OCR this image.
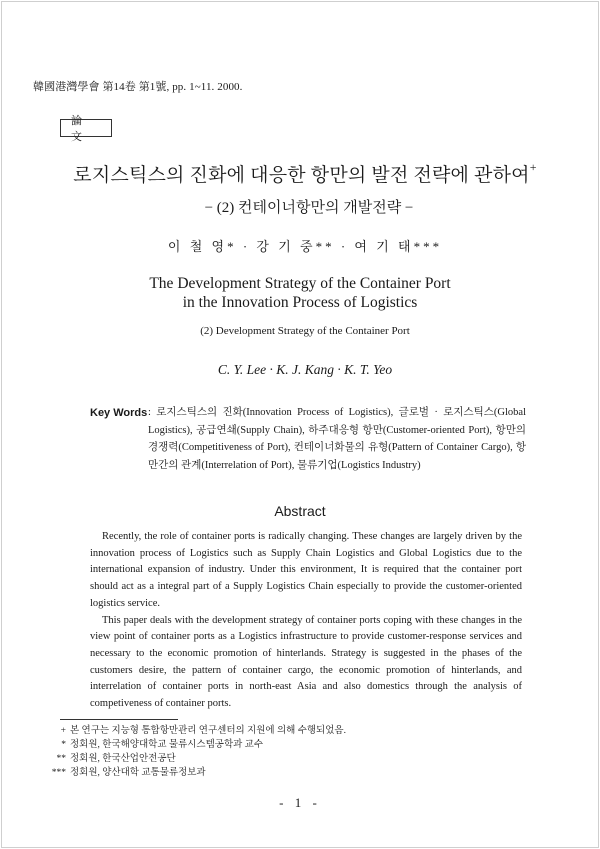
韓國港灣學會 第14卷 第1號, pp. 1~11. 2000.
論 文
로지스틱스의 진화에 대응한 항만의 발전 전략에 관하여+
− (2) 컨테이너항만의 개발전략 −
이 철 영* · 강 기 중** · 여 기 태***
The Development Strategy of the Container Port
in the Innovation Process of Logistics
(2) Development Strategy of the Container Port
C. Y. Lee · K. J. Kang · K. T. Yeo
Key Words : 로지스틱스의 진화(Innovation Process of Logistics), 글로벌 · 로지스틱스(Global Logistics), 공급연쇄(Supply Chain), 하주대응형 항만(Customer-oriented Port), 항만의 경쟁력(Competitiveness of Port), 컨테이너화물의 유형(Pattern of Container Cargo), 항만간의 관계(Interrelation of Port), 물류기업(Logistics Industry)
Abstract

Recently, the role of container ports is radically changing. These changes are largely driven by the innovation process of Logistics such as Supply Chain Logistics and Global Logistics due to the international expansion of industry. Under this environment, It is required that the container port should act as a integral part of a Supply Logistics Chain especially to provide the customer-oriented logistics service.

This paper deals with the development strategy of container ports coping with these changes in the view point of container ports as a Logistics infrastructure to provide customer-response services and necessary to the economic promotion of hinterlands. Strategy is suggested in the phases of the customers desire, the pattern of container cargo, the economic promotion of hinterlands, and interrelation of container ports in north-east Asia and also domestics through the analysis of competiveness of container ports.

+ 본 연구는 지능형 통합항만관리 연구센터의 지원에 의해 수행되었음.
* 정회원, 한국해양대학교 물류시스템공학과 교수
** 정회원, 한국산업안전공단
*** 정회원, 양산대학 교통물류정보과
- 1 -
